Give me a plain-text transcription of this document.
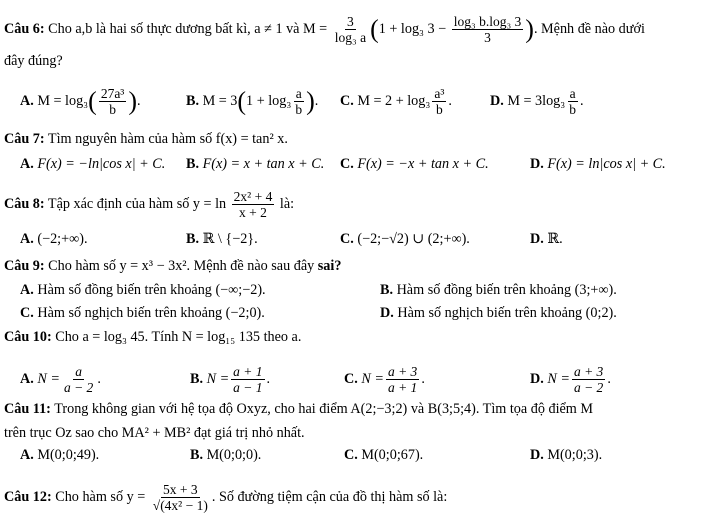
Câu 6: Cho a,b là hai số thực dương bất kì, a ≠ 1 và $M = \frac{3}{\text{log₃ a}} (1 + \log_3$ $3 - \frac{\text{log₃ b.log₃ 3}}{3}$ ). Mệnh đề nào dưới
đây đúng?
A. $M = \log_3( \frac{\text{27a³}}{b}$ ).	B. $M = 3(1 + \log_3 \frac{a}{b}$ ). C. $M = 2 + \log_3 \frac{\text{a³}}{b}$ .	D. $M = 3\log_3 \frac{a}{b}$ .
Câu 7: Tìm nguyên hàm của hàm số f(x) = tan² x.
A. F(x) = −ln|cos x| + C. B. F(x) = x + tan x + C. C. F(x) = −x + tan x + C.	D. F(x) = ln|cos x| + C.
Câu 8: Tập xác định của hàm số $y = \ln \frac{\text{2x² + 4}}{x + 2}$ là:
A. (−2;+∞).	B. ℝ \ {−2}.	C. (−2;−√2) ∪ (2;+∞).	D. ℝ.
Câu 9: Cho hàm số y = x³ − 3x². Mệnh đề nào sau đây sai?
A. Hàm số đồng biến trên khoảng (−∞;−2).	B. Hàm số đồng biến trên khoảng (3;+∞).
C. Hàm số nghịch biến trên khoảng (−2;0).	D. Hàm số nghịch biến trên khoảng (0;2).
Câu 10: Cho a = log₃ 45. Tính N = log₁₅ 135 theo a.
A. $N = \frac{a}{a - 2}$ .	B. $N = \frac{a + 1}{a - 1}$ .	C. $N = \frac{a + 3}{a + 1}$ .	D. $N = \frac{a + 3}{a - 2}$ .
Câu 11: Trong không gian với hệ tọa độ Oxyz, cho hai điểm A(2;−3;2) và B(3;5;4). Tìm tọa độ điểm M
trên trục Oz sao cho MA² + MB² đạt giá trị nhỏ nhất.
A. M(0;0;49).	B. M(0;0;0).	C. M(0;0;67).	D. M(0;0;3).
Câu 12: Cho hàm số $y = \frac{5x + 3}{\text{√(4x² − 1)}}$ . Số đường tiệm cận của đồ thị hàm số là:
